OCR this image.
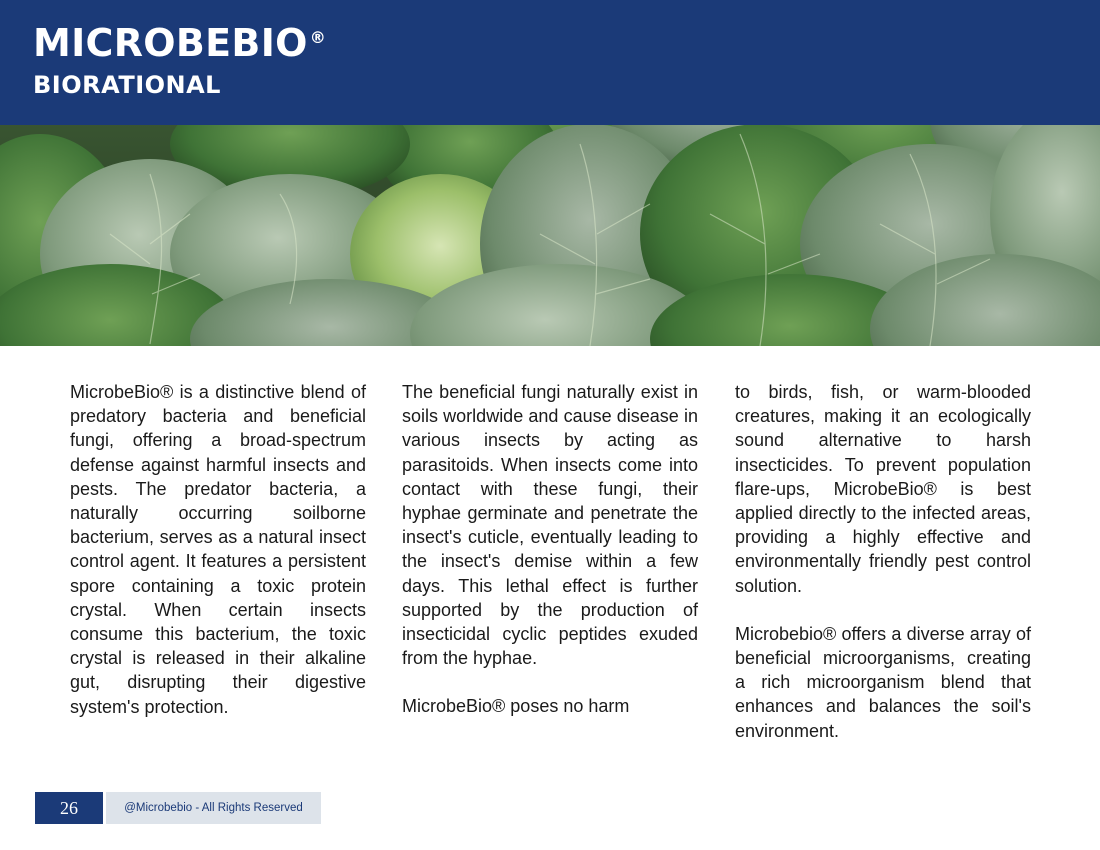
MICROBEBIO ®
BIORATIONAL

MicrobeBio® is a distinctive blend of predatory bacteria and beneficial fungi, offering a broad-spectrum defense against harmful insects and pests. The predator bacteria, a naturally occurring soilborne bacterium, serves as a natural insect control agent. It features a persistent spore containing a toxic protein crystal. When certain insects consume this bacterium, the toxic crystal is released in their alkaline gut, disrupting their digestive system's protection.

The beneficial fungi naturally exist in soils worldwide and cause disease in various insects by acting as parasitoids. When insects come into contact with these fungi, their hyphae germinate and penetrate the insect's cuticle, eventually leading to the insect's demise within a few days. This lethal effect is further supported by the production of insecticidal cyclic peptides exuded from the hyphae.

MicrobeBio® poses no harm

to birds, fish, or warm-blooded creatures, making it an ecologically sound alternative to harsh insecticides. To prevent population flare-ups, MicrobeBio® is best applied directly to the infected areas, providing a highly effective and environmentally friendly pest control solution.

Microbebio® offers a diverse array of beneficial microorganisms, creating a rich microorganism blend that enhances and balances the soil's environment.

26	@Microbebio - All Rights Reserved
